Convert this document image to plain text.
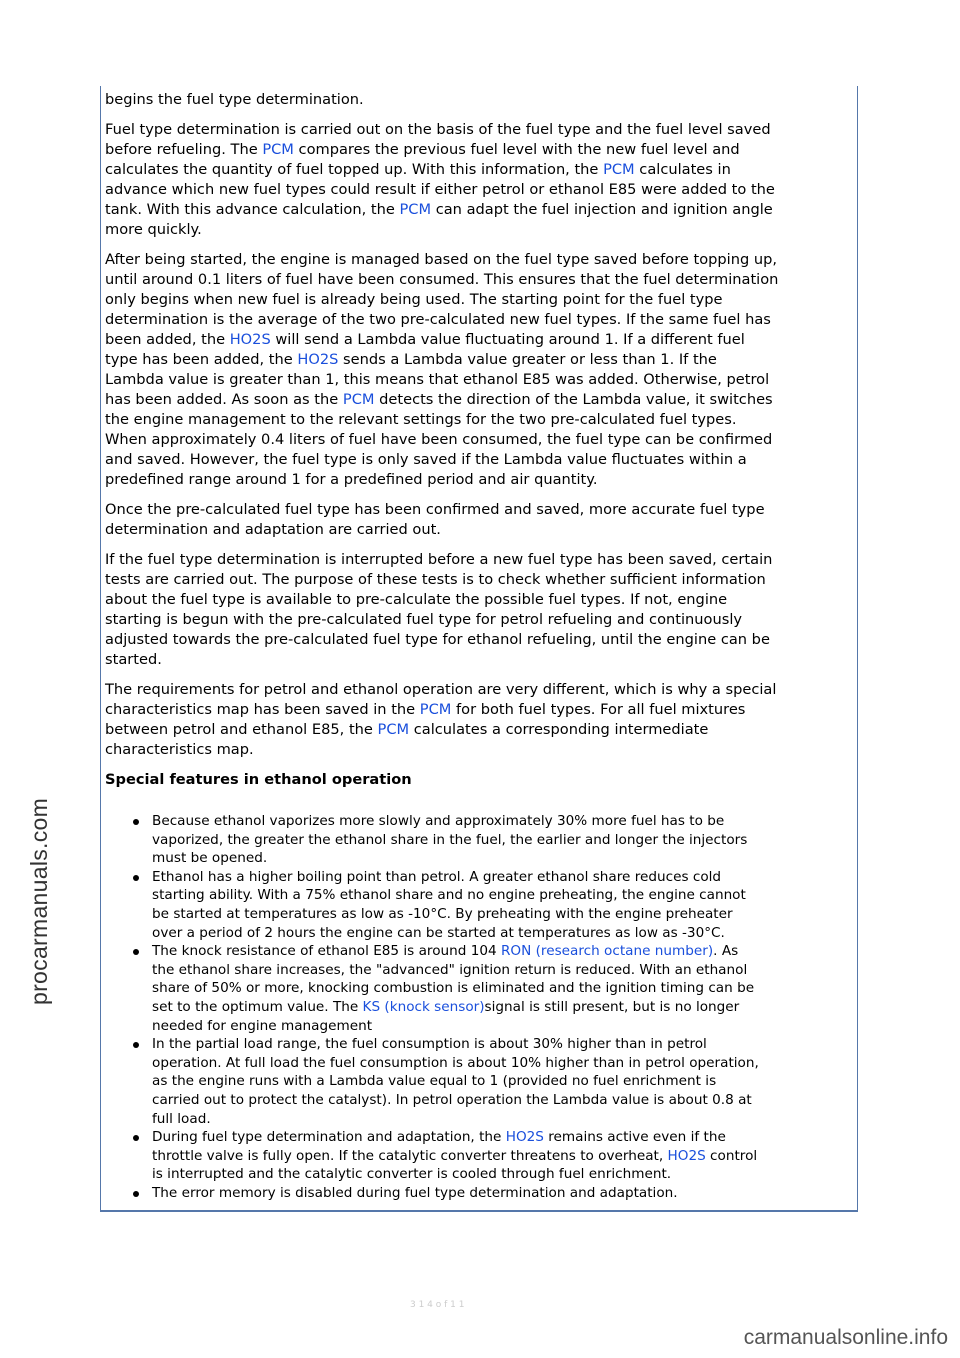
procarmanuals.com

begins the fuel type determination.

Fuel type determination is carried out on the basis of the fuel type and the fuel level saved
before refueling. The PCM compares the previous fuel level with the new fuel level and
calculates the quantity of fuel topped up. With this information, the PCM calculates in
advance which new fuel types could result if either petrol or ethanol E85 were added to the
tank. With this advance calculation, the PCM can adapt the fuel injection and ignition angle
more quickly.

After being started, the engine is managed based on the fuel type saved before topping up,
until around 0.1 liters of fuel have been consumed. This ensures that the fuel determination
only begins when new fuel is already being used. The starting point for the fuel type
determination is the average of the two pre-calculated new fuel types. If the same fuel has
been added, the HO2S will send a Lambda value fluctuating around 1. If a different fuel
type has been added, the HO2S sends a Lambda value greater or less than 1. If the
Lambda value is greater than 1, this means that ethanol E85 was added. Otherwise, petrol
has been added. As soon as the PCM detects the direction of the Lambda value, it switches
the engine management to the relevant settings for the two pre-calculated fuel types.
When approximately 0.4 liters of fuel have been consumed, the fuel type can be confirmed
and saved. However, the fuel type is only saved if the Lambda value fluctuates within a
predefined range around 1 for a predefined period and air quantity.

Once the pre-calculated fuel type has been confirmed and saved, more accurate fuel type
determination and adaptation are carried out.

If the fuel type determination is interrupted before a new fuel type has been saved, certain
tests are carried out. The purpose of these tests is to check whether sufficient information
about the fuel type is available to pre-calculate the possible fuel types. If not, engine
starting is begun with the pre-calculated fuel type for petrol refueling and continuously
adjusted towards the pre-calculated fuel type for ethanol refueling, until the engine can be
started.

The requirements for petrol and ethanol operation are very different, which is why a special
characteristics map has been saved in the PCM for both fuel types. For all fuel mixtures
between petrol and ethanol E85, the PCM calculates a corresponding intermediate
characteristics map.

Special features in ethanol operation
Because ethanol vaporizes more slowly and approximately 30% more fuel has to be
vaporized, the greater the ethanol share in the fuel, the earlier and longer the injectors
must be opened.
Ethanol has a higher boiling point than petrol. A greater ethanol share reduces cold
starting ability. With a 75% ethanol share and no engine preheating, the engine cannot
be started at temperatures as low as -10°C. By preheating with the engine preheater
over a period of 2 hours the engine can be started at temperatures as low as -30°C.
The knock resistance of ethanol E85 is around 104 RON (research octane number). As
the ethanol share increases, the "advanced" ignition return is reduced. With an ethanol
share of 50% or more, knocking combustion is eliminated and the ignition timing can be
set to the optimum value. The KS (knock sensor)signal is still present, but is no longer
needed for engine management
In the partial load range, the fuel consumption is about 30% higher than in petrol
operation. At full load the fuel consumption is about 10% higher than in petrol operation,
as the engine runs with a Lambda value equal to 1 (provided no fuel enrichment is
carried out to protect the catalyst). In petrol operation the Lambda value is about 0.8 at
full load.
During fuel type determination and adaptation, the HO2S remains active even if the
throttle valve is fully open. If the catalytic converter threatens to overheat, HO2S control
is interrupted and the catalytic converter is cooled through fuel enrichment.
The error memory is disabled during fuel type determination and adaptation.
3 1 4 o f 1 1
carmanualsonline.info
